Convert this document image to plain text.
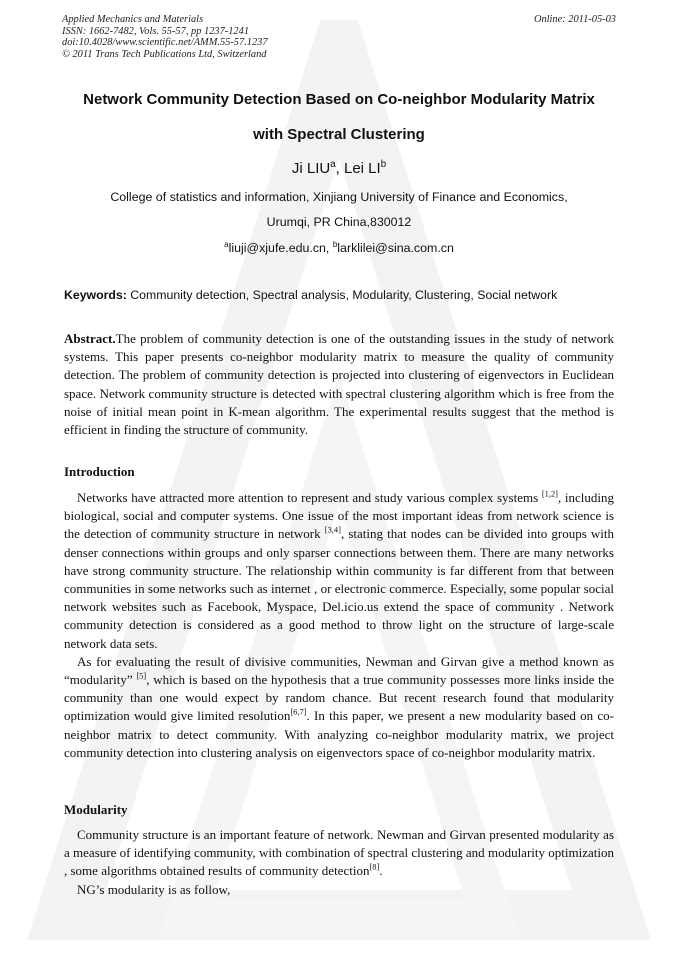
Applied Mechanics and Materials
ISSN: 1662-7482, Vols. 55-57, pp 1237-1241
doi:10.4028/www.scientific.net/AMM.55-57.1237
© 2011 Trans Tech Publications Ltd, Switzerland
Online: 2011-05-03
Network Community Detection Based on Co-neighbor Modularity Matrix
with Spectral Clustering
Ji LIU$^a$, Lei $LI^b$
College of statistics and information, Xinjiang University of Finance and Economics,
Urumqi, PR China,830012
$^a$liuji@xjufe.edu.cn, $^b$larklilei@sina.com.cn
Keywords: Community detection, Spectral analysis, Modularity, Clustering, Social network

Abstract.The problem of community detection is one of the outstanding issues in the study of network systems. This paper presents co-neighbor modularity matrix to measure the quality of community detection. The problem of community detection is projected into clustering of eigenvectors in Euclidean space. Network community structure is detected with spectral clustering algorithm which is free from the noise of initial mean point in K-mean algorithm. The experimental results suggest that the method is efficient in finding the structure of community.

Introduction

Networks have attracted more attention to represent and study various complex systems [1,2], including biological, social and computer systems. One issue of the most important ideas from network science is the detection of community structure in network [3,4], stating that nodes can be divided into groups with denser connections within groups and only sparser connections between them. There are many networks have strong community structure. The relationship within community is far different from that between communities in some networks such as internet , or electronic commerce. Especially, some popular social network websites such as Facebook, Myspace, Del.icio.us extend the space of community . Network community detection is considered as a good method to throw light on the structure of large-scale network data sets.

As for evaluating the result of divisive communities, Newman and Girvan give a method known as “modularity” [5], which is based on the hypothesis that a true community possesses more links inside the community than one would expect by random chance. But recent research found that modularity optimization would give limited resolution[6,7]. In this paper, we present a new modularity based on co-neighbor matrix to detect community. With analyzing co-neighbor modularity matrix, we project community detection into clustering analysis on eigenvectors space of co-neighbor modularity matrix.

Modularity

Community structure is an important feature of network. Newman and Girvan presented modularity as a measure of identifying community, with combination of spectral clustering and modularity optimization , some algorithms obtained results of community detection[8].

NG’s modularity is as follow,
